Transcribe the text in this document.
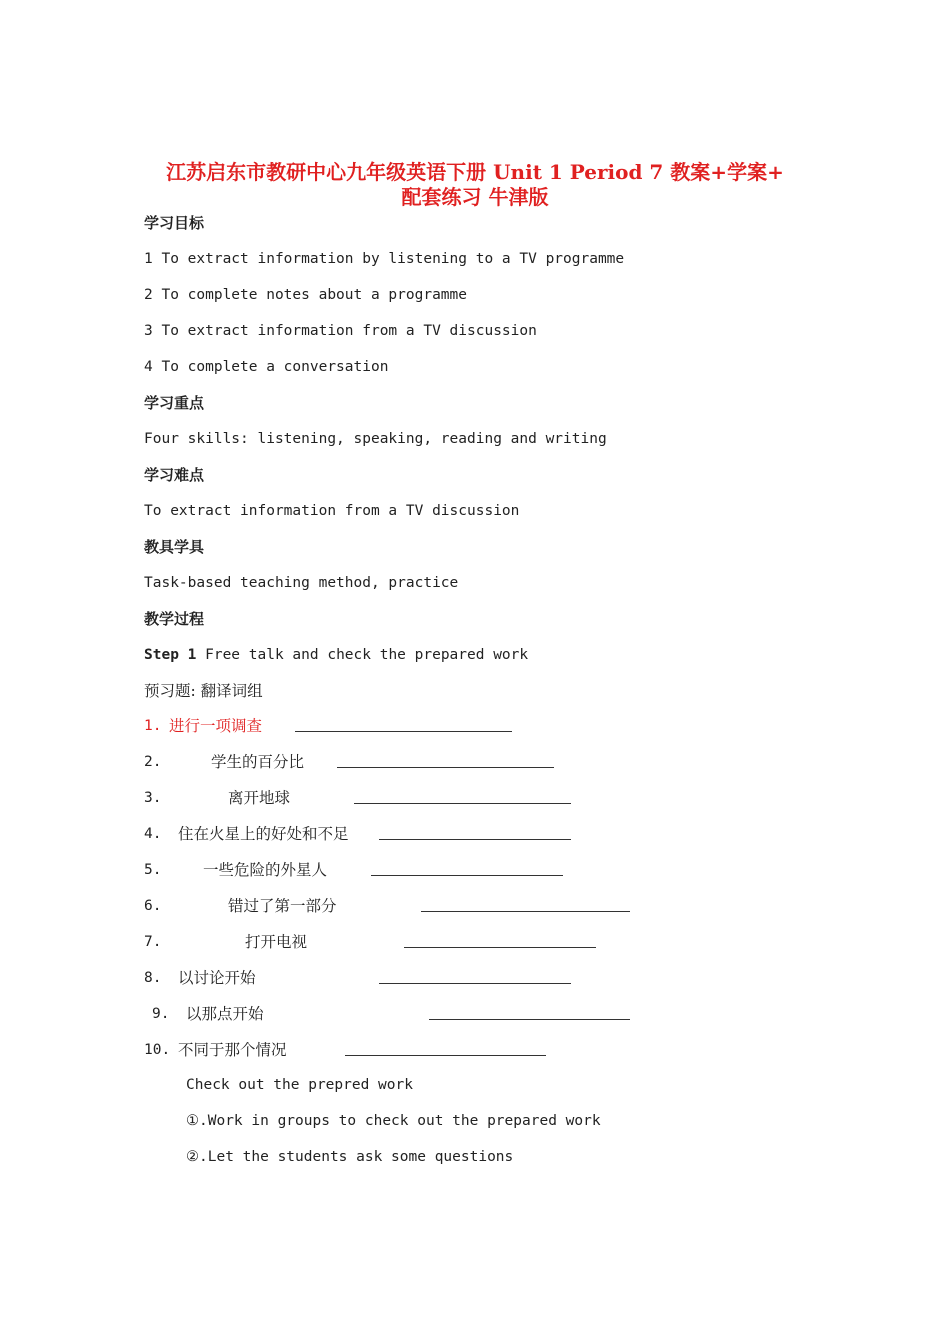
江苏启东市教研中心九年级英语下册 Unit 1 Period 7 教案+学案+
配套练习 牛津版
学习目标
1 To extract information by listening to a TV programme
2 To complete notes about a programme
3 To extract information from a TV discussion
4 To complete a conversation
学习重点
Four skills: listening, speaking, reading and writing
学习难点
To extract information from a TV discussion
教具学具
Task-based teaching method, practice
教学过程
Step 1 Free talk and check the prepared work
预习题: 翻译词组
1. 进行一项调查
2.	学生的百分比
3.	离开地球
4. 住在火星上的好处和不足
5.	一些危险的外星人
6.	错过了第一部分
7.	打开电视
8. 以讨论开始
9. 以那点开始
10. 不同于那个情况
Check out the prepred work
①.Work in groups to check out the prepared work
②.Let the students ask some questions
